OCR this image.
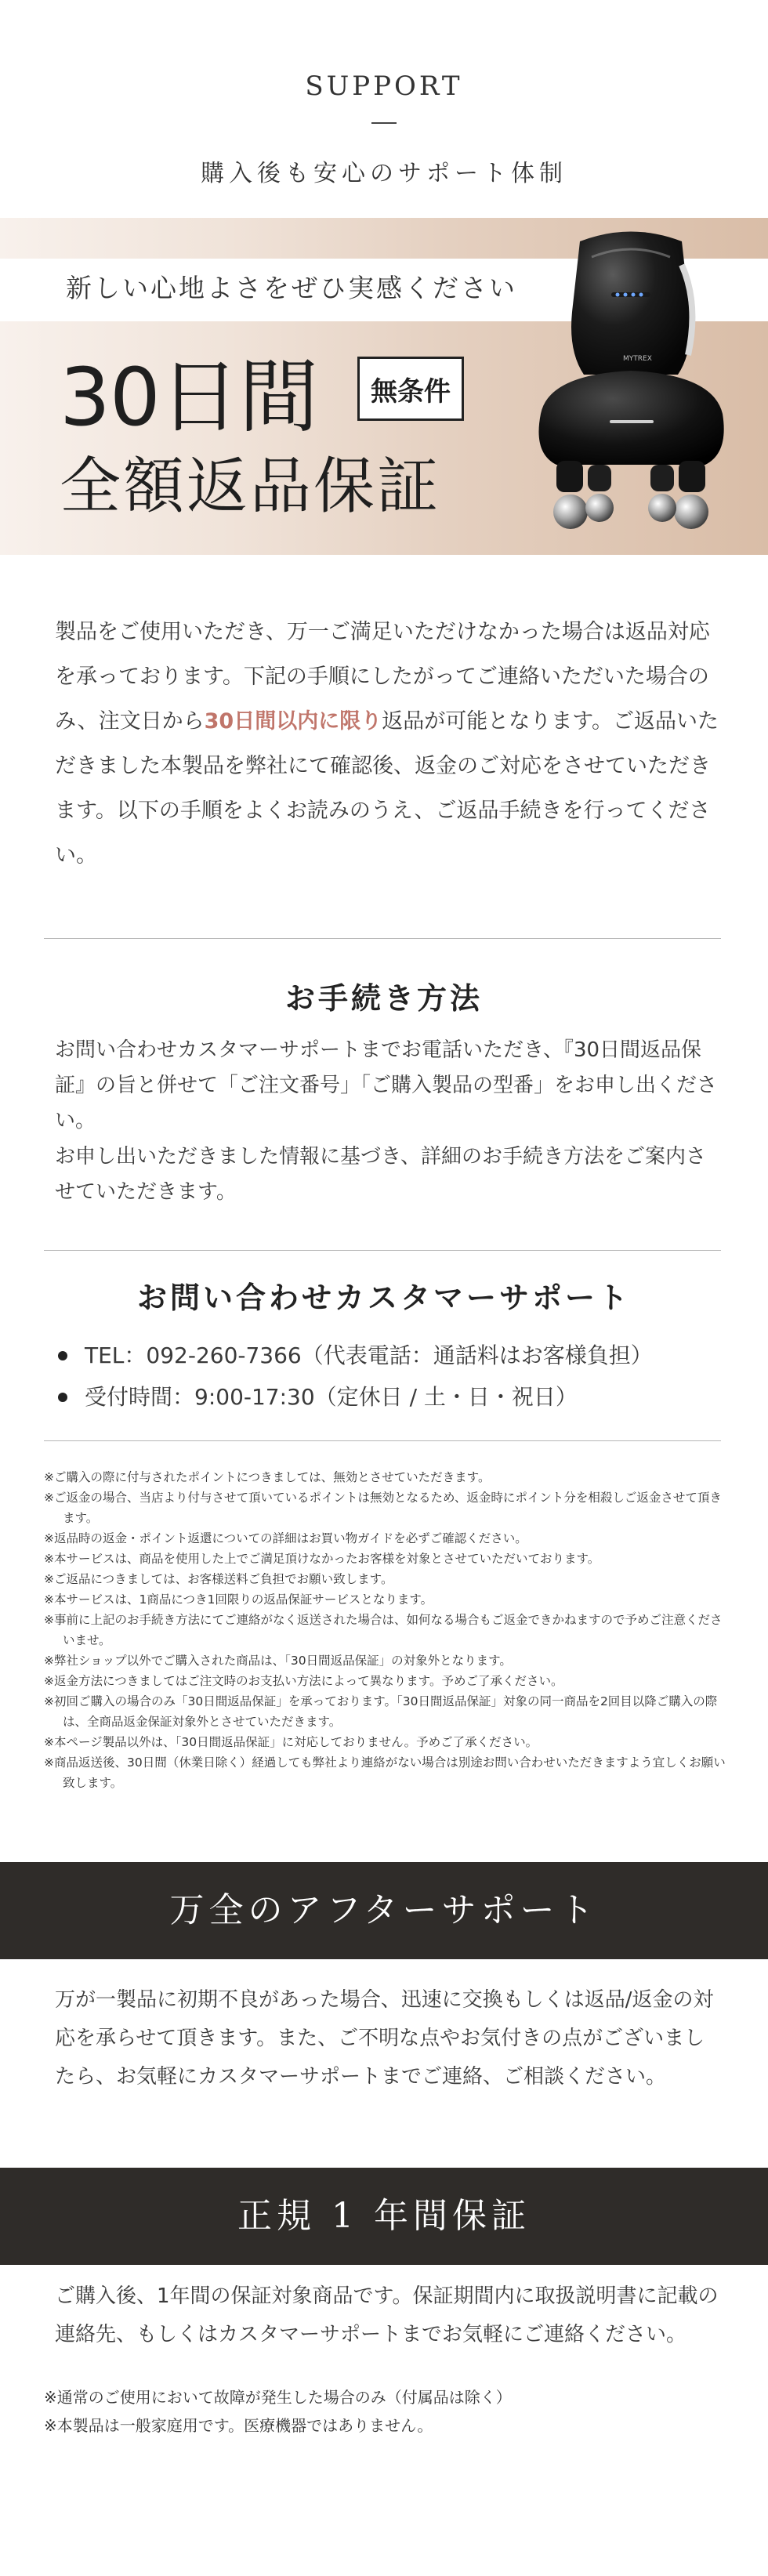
SUPPORT
購入後も安心のサポート体制
新しい心地よさをぜひ実感ください
30日間	無条件
全額返品保証
MYTREX

製品をご使用いただき、万一ご満足いただけなかった場合は返品対応を承っております。下記の手順にしたがってご連絡いただいた場合のみ、注文日から30日間以内に限り返品が可能となります。ご返品いただきました本製品を弊社にて確認後、返金のご対応をさせていただきます。以下の手順をよくお読みのうえ、ご返品手続きを行ってください。

お手続き方法

お問い合わせカスタマーサポートまでお電話いただき、『30日間返品保証』の旨と併せて「ご注文番号」「ご購入製品の型番」をお申し出ください。

お申し出いただきました情報に基づき、詳細のお手続き方法をご案内させていただきます。

お問い合わせカスタマーサポート
TEL：092-260-7366（代表電話：通話料はお客様負担）
受付時間：9:00-17:30（定休日 / 土・日・祝日）
※ご購入の際に付与されたポイントにつきましては、無効とさせていただきます。
※ご返金の場合、当店より付与させて頂いているポイントは無効となるため、返金時にポイント分を相殺しご返金させて頂きます。
※返品時の返金・ポイント返還についての詳細はお買い物ガイドを必ずご確認ください。
※本サービスは、商品を使用した上でご満足頂けなかったお客様を対象とさせていただいております。
※ご返品につきましては、お客様送料ご負担でお願い致します。
※本サービスは、1商品につき1回限りの返品保証サービスとなります。
※事前に上記のお手続き方法にてご連絡がなく返送された場合は、如何なる場合もご返金できかねますので予めご注意くださいませ。
※弊社ショップ以外でご購入された商品は、「30日間返品保証」の対象外となります。
※返金方法につきましてはご注文時のお支払い方法によって異なります。予めご了承ください。
※初回ご購入の場合のみ「30日間返品保証」を承っております。「30日間返品保証」対象の同一商品を2回目以降ご購入の際は、全商品返金保証対象外とさせていただきます。
※本ページ製品以外は、「30日間返品保証」に対応しておりません。予めご了承ください。
※商品返送後、30日間（休業日除く）経過しても弊社より連絡がない場合は別途お問い合わせいただきますよう宜しくお願い致します。
万全のアフターサポート

万が一製品に初期不良があった場合、迅速に交換もしくは返品/返金の対応を承らせて頂きます。また、ご不明な点やお気付きの点がございましたら、お気軽にカスタマーサポートまでご連絡、ご相談ください。

正規 1 年間保証

ご購入後、1年間の保証対象商品です。保証期間内に取扱説明書に記載の連絡先、もしくはカスタマーサポートまでお気軽にご連絡ください。

※通常のご使用において故障が発生した場合のみ（付属品は除く）

※本製品は一般家庭用です。医療機器ではありません。
